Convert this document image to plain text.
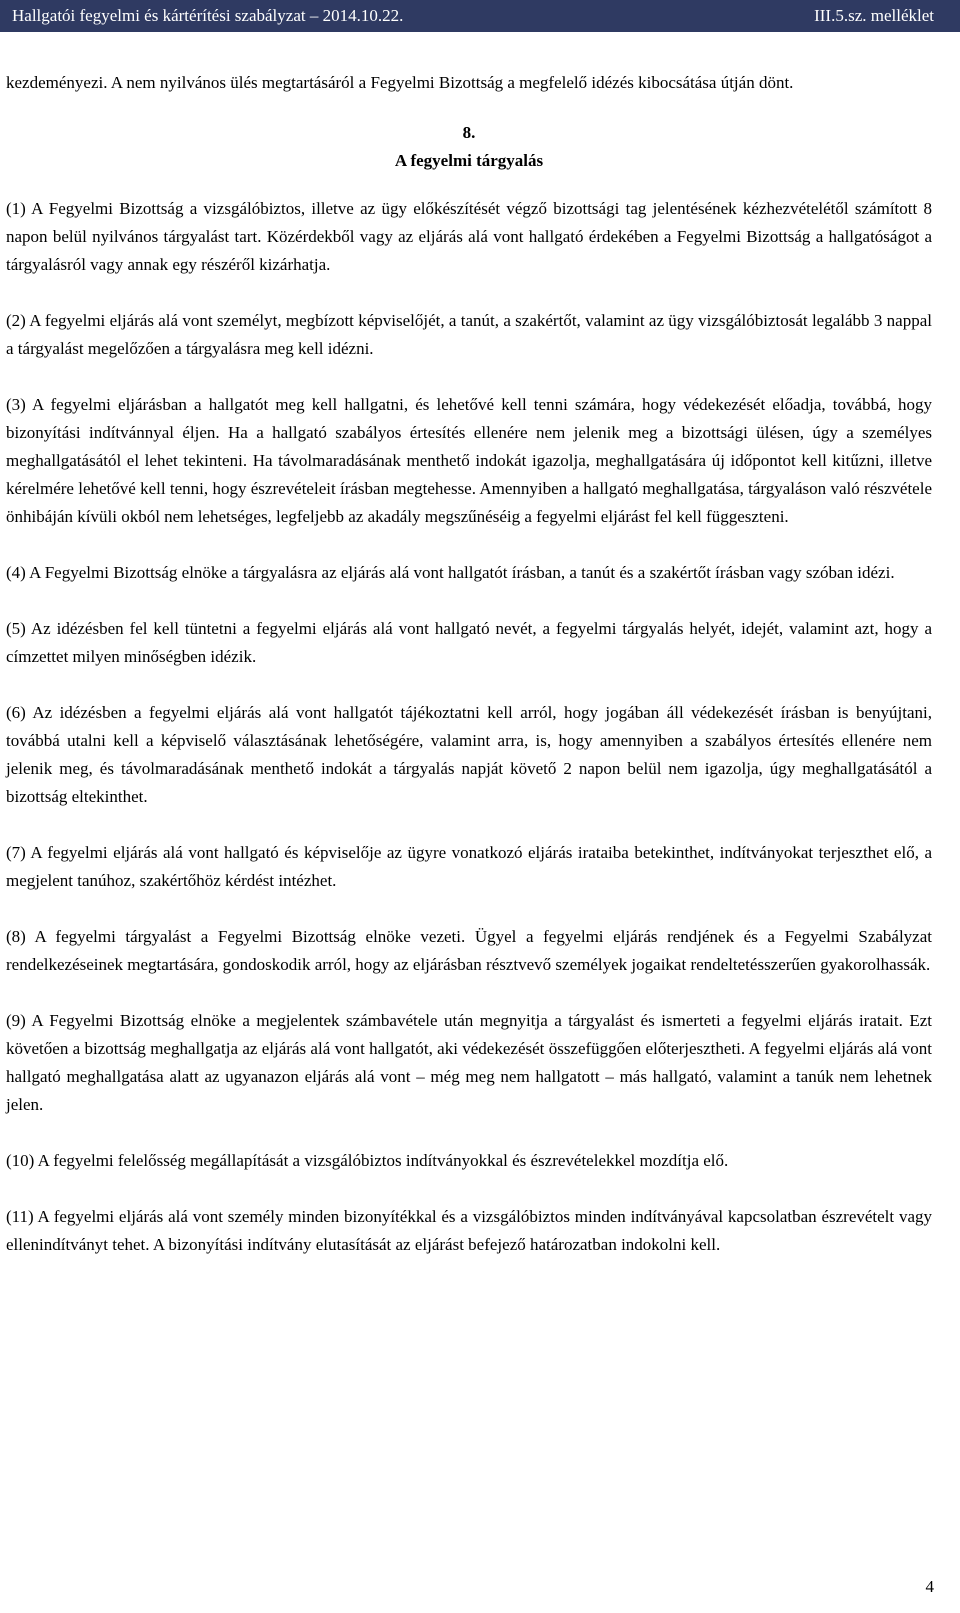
Hallgatói fegyelmi és kártérítési szabályzat – 2014.10.22.	III.5.sz. melléklet

kezdeményezi. A nem nyilvános ülés megtartásáról a Fegyelmi Bizottság a megfelelő idézés kibocsátása útján dönt.

8.
A fegyelmi tárgyalás

(1) A Fegyelmi Bizottság a vizsgálóbiztos, illetve az ügy előkészítését végző bizottsági tag jelentésének kézhezvételétől számított 8 napon belül nyilvános tárgyalást tart. Közérdekből vagy az eljárás alá vont hallgató érdekében a Fegyelmi Bizottság a hallgatóságot a tárgyalásról vagy annak egy részéről kizárhatja.

(2) A fegyelmi eljárás alá vont személyt, megbízott képviselőjét, a tanút, a szakértőt, valamint az ügy vizsgálóbiztosát legalább 3 nappal a tárgyalást megelőzően a tárgyalásra meg kell idézni.

(3) A fegyelmi eljárásban a hallgatót meg kell hallgatni, és lehetővé kell tenni számára, hogy védekezését előadja, továbbá, hogy bizonyítási indítvánnyal éljen. Ha a hallgató szabályos értesítés ellenére nem jelenik meg a bizottsági ülésen, úgy a személyes meghallgatásától el lehet tekinteni. Ha távolmaradásának menthető indokát igazolja, meghallgatására új időpontot kell kitűzni, illetve kérelmére lehetővé kell tenni, hogy észrevételeit írásban megtehesse. Amennyiben a hallgató meghallgatása, tárgyaláson való részvétele önhibáján kívüli okból nem lehetséges, legfeljebb az akadály megszűnéséig a fegyelmi eljárást fel kell függeszteni.

(4) A Fegyelmi Bizottság elnöke a tárgyalásra az eljárás alá vont hallgatót írásban, a tanút és a szakértőt írásban vagy szóban idézi.

(5) Az idézésben fel kell tüntetni a fegyelmi eljárás alá vont hallgató nevét, a fegyelmi tárgyalás helyét, idejét, valamint azt, hogy a címzettet milyen minőségben idézik.

(6) Az idézésben a fegyelmi eljárás alá vont hallgatót tájékoztatni kell arról, hogy jogában áll védekezését írásban is benyújtani, továbbá utalni kell a képviselő választásának lehetőségére, valamint arra, is, hogy amennyiben a szabályos értesítés ellenére nem jelenik meg, és távolmaradásának menthető indokát a tárgyalás napját követő 2 napon belül nem igazolja, úgy meghallgatásától a bizottság eltekinthet.

(7) A fegyelmi eljárás alá vont hallgató és képviselője az ügyre vonatkozó eljárás irataiba betekinthet, indítványokat terjeszthet elő, a megjelent tanúhoz, szakértőhöz kérdést intézhet.

(8) A fegyelmi tárgyalást a Fegyelmi Bizottság elnöke vezeti. Ügyel a fegyelmi eljárás rendjének és a Fegyelmi Szabályzat rendelkezéseinek megtartására, gondoskodik arról, hogy az eljárásban résztvevő személyek jogaikat rendeltetésszerűen gyakorolhassák.

(9) A Fegyelmi Bizottság elnöke a megjelentek számbavétele után megnyitja a tárgyalást és ismerteti a fegyelmi eljárás iratait. Ezt követően a bizottság meghallgatja az eljárás alá vont hallgatót, aki védekezését összefüggően előterjesztheti. A fegyelmi eljárás alá vont hallgató meghallgatása alatt az ugyanazon eljárás alá vont – még meg nem hallgatott – más hallgató, valamint a tanúk nem lehetnek jelen.

(10) A fegyelmi felelősség megállapítását a vizsgálóbiztos indítványokkal és észrevételekkel mozdítja elő.

(11) A fegyelmi eljárás alá vont személy minden bizonyítékkal és a vizsgálóbiztos minden indítványával kapcsolatban észrevételt vagy ellenindítványt tehet. A bizonyítási indítvány elutasítását az eljárást befejező határozatban indokolni kell.

4
